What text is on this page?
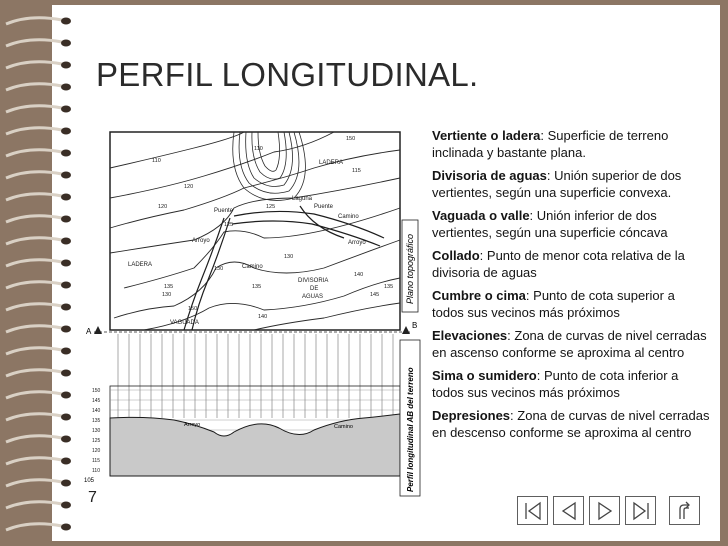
PERFIL LONGITUDINAL.
Plano topográfico
LADERA
LADERA
Puente
Puente
Laguna
Camino
Camino
Arroyo	Arroyo
DIVISORIA
DE
AGUAS
VAGUADA
110
110
115
120
120
125
125
130
130
135	135
140
140
145
150
150
130
135
A
B
150
145
140
135
130
125
120
115
110
Arroyo	Camino
105	Perfil longitudinal AB del terreno

Vertiente o ladera: Superficie de terreno inclinada y bastante plana.

Divisoria de aguas: Unión superior de dos vertientes, según una superficie convexa.

Vaguada o valle: Unión inferior de dos vertientes, según una superficie cóncava

Collado: Punto de menor cota relativa de la divisoria de aguas

Cumbre o cima: Punto de cota superior a todos sus vecinos más próximos

Elevaciones: Zona de curvas de nivel cerradas en ascenso conforme se aproxima al centro

Sima o sumidero: Punto de cota inferior a todos sus vecinos más próximos

Depresiones: Zona de curvas de nivel cerradas en descenso conforme se aproxima al centro

7
